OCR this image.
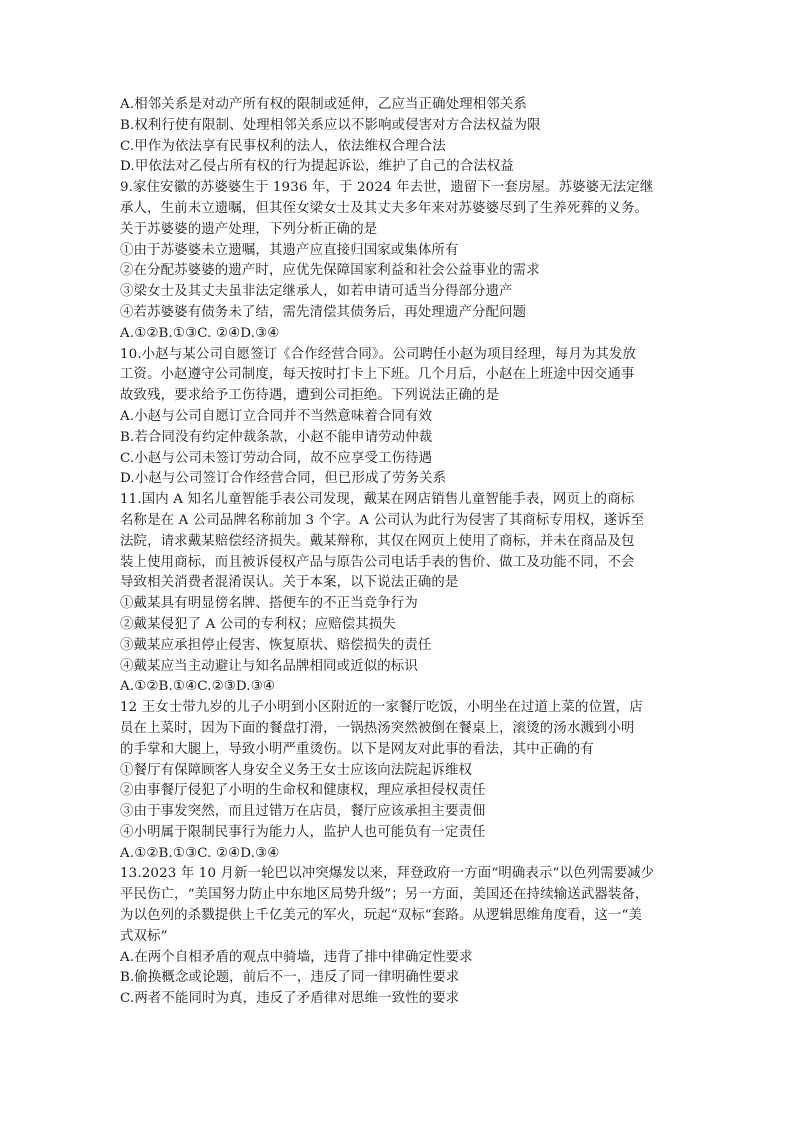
A.相邻关系是对动产所有权的限制或延伸，乙应当正确处理相邻关系
B.权利行使有限制、处理相邻关系应以不影响或侵害对方合法权益为限
C.甲作为依法享有民事权利的法人，依法维权合理合法
D.甲依法对乙侵占所有权的行为提起诉讼，维护了自己的合法权益
9.家住安徽的苏婆婆生于 1936 年，于 2024 年去世，遗留下一套房屋。苏婆婆无法定继
承人，生前未立遗嘱，但其侄女梁女士及其丈夫多年来对苏婆婆尽到了生养死葬的义务。
关于苏婆婆的遗产处理，下列分析正确的是
①由于苏婆婆未立遗嘱，其遗产应直接归国家或集体所有
②在分配苏婆婆的遗产时，应优先保障国家利益和社会公益事业的需求
③梁女士及其丈夫虽非法定继承人，如若申请可适当分得部分遗产
④若苏婆婆有债务未了结，需先清偿其债务后，再处理遗产分配问题
A.①②B.①③C. ②④D.③④
10.小赵与某公司自愿签订《合作经营合同》。公司聘任小赵为项目经理，每月为其发放
工资。小赵遵守公司制度，每天按时打卡上下班。几个月后，小赵在上班途中因交通事
故致残，要求给予工伤待遇，遭到公司拒绝。下列说法正确的是
A.小赵与公司自愿订立合同并不当然意味着合同有效
B.若合同没有约定仲裁条款，小赵不能申请劳动仲裁
C.小赵与公司未签订劳动合同，故不应享受工伤待遇
D.小赵与公司签订合作经营合同，但已形成了劳务关系
11.国内 A 知名儿童智能手表公司发现，戴某在网店销售儿童智能手表，网页上的商标
名称是在 A 公司品牌名称前加 3 个字。A 公司认为此行为侵害了其商标专用权，遂诉至
法院，请求戴某赔偿经济损失。戴某辩称，其仅在网页上使用了商标，并未在商品及包
装上使用商标，而且被诉侵权产品与原告公司电话手表的售价、做工及功能不同，不会
导致相关消费者混淆误认。关于本案，以下说法正确的是
①戴某具有明显傍名牌、搭便车的不正当竞争行为
②戴某侵犯了 A 公司的专利权；应赔偿其损失
③戴某应承担停止侵害、恢复原状、赔偿损失的责任
④戴某应当主动避让与知名品牌相同或近似的标识
A.①②B.①④C.②③D.③④
12 王女士带九岁的儿子小明到小区附近的一家餐厅吃饭，小明坐在过道上菜的位置，店
员在上菜时，因为下面的餐盘打滑，一锅热汤突然被倒在餐桌上，滚烫的汤水溅到小明
的手掌和大腿上，导致小明严重烫伤。以下是网友对此事的看法，其中正确的有
①餐厅有保障顾客人身安全义务王女士应该向法院起诉维权
②由事餐厅侵犯了小明的生命权和健康权，理应承担侵权责任
③由于事发突然，而且过错万在店员，餐厅应该承担主要责佃
④小明属于限制民事行为能力人，监护人也可能负有一定责任
A.①②B.①③C. ②④D.③④
13.2023 年 10 月新一轮巴以冲突爆发以来，拜登政府一方面“明确表示”以色列需要减少
平民伤亡，“美国努力防止中东地区局势升级”；另一方面，美国还在持续输送武器装备，
为以色列的杀戮提供上千亿美元的军火，玩起“双标”套路。从逻辑思维角度看，这一“美
式双标”
A.在两个自相矛盾的观点中骑墙，违背了排中律确定性要求
B.偷换概念或论题，前后不一，违反了同一律明确性要求
C.两者不能同时为真，违反了矛盾律对思维一致性的要求
